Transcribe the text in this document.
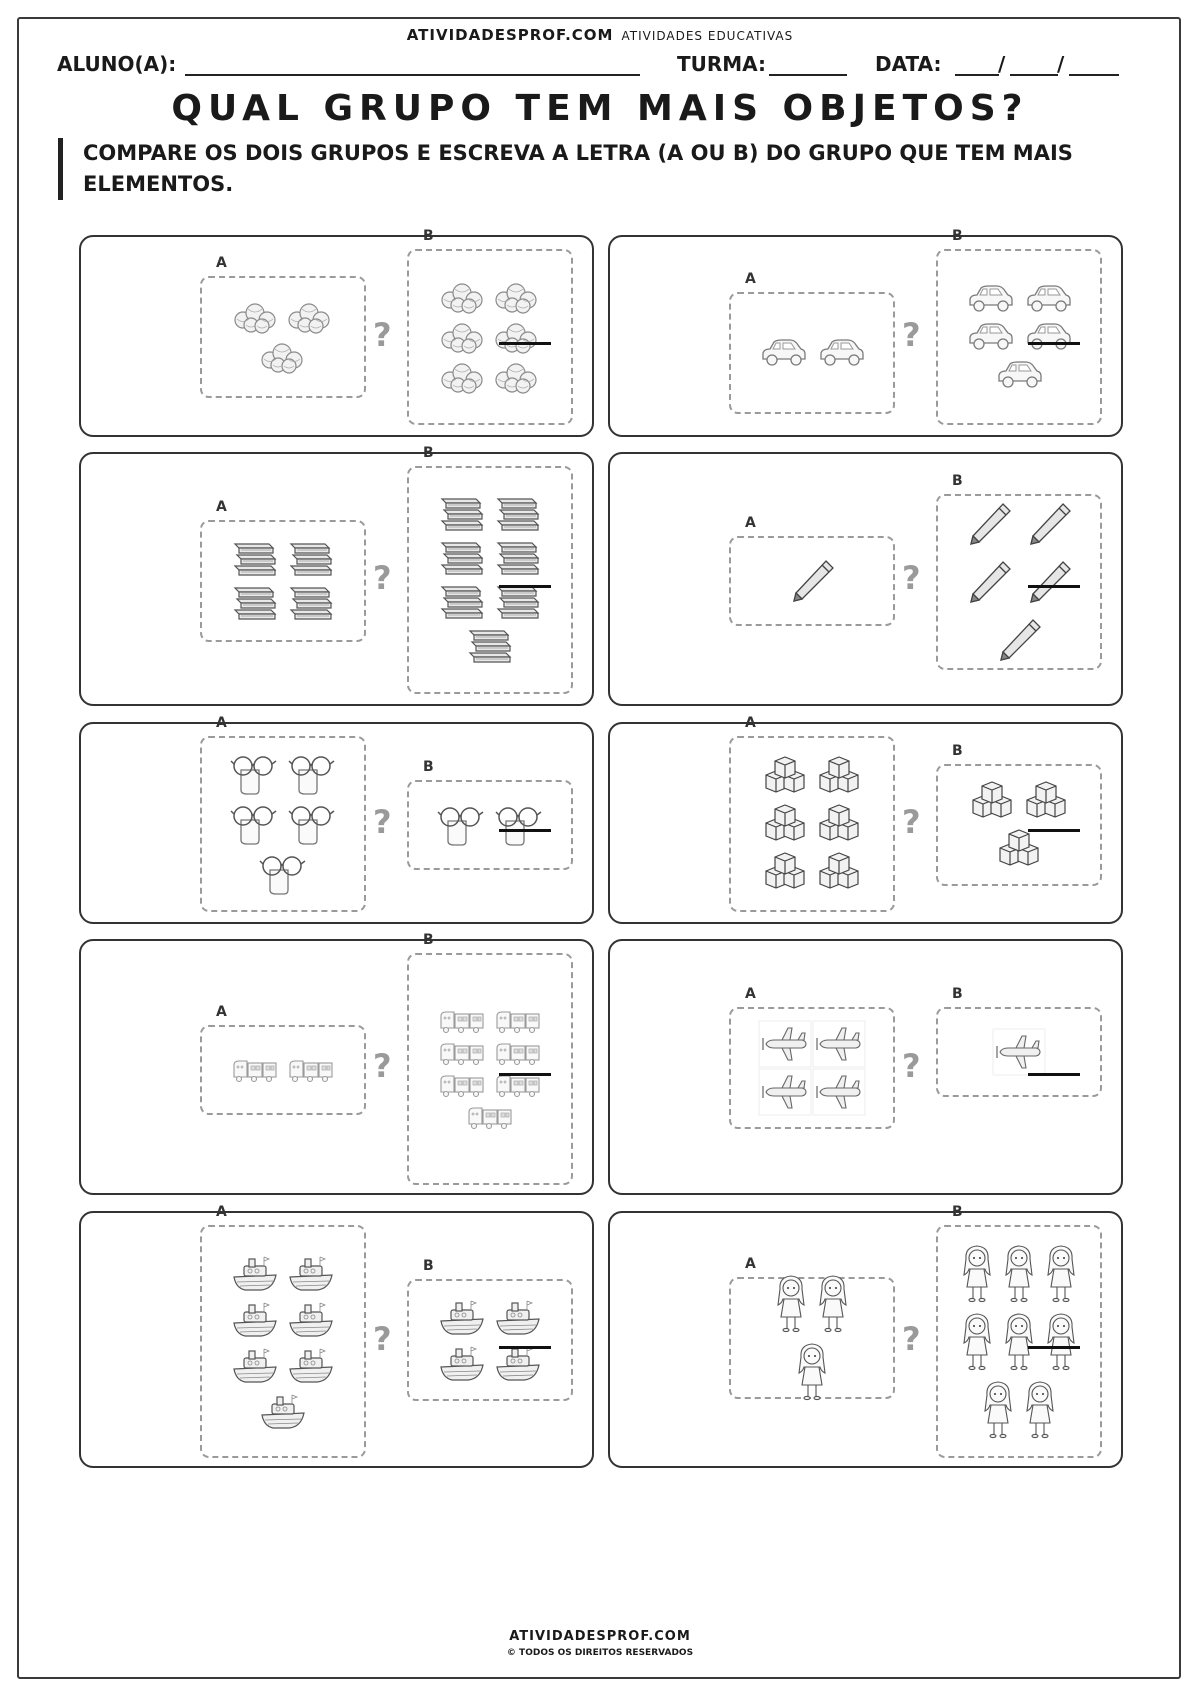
ATIVIDADESPROF.COM ATIVIDADES EDUCATIVAS
ALUNO(A):	TURMA:	DATA:	/	/
QUAL GRUPO TEM MAIS OBJETOS?
COMPARE OS DOIS GRUPOS E ESCREVA A LETRA (A OU B) DO GRUPO QUE TEM MAIS ELEMENTOS.
A
B
?
A
B
?
A
B
?
A
B
?
A
B
?
A
B
?
A
B
?
A	B
?
A
B
?
A
B
?
ATIVIDADESPROF.COM
© TODOS OS DIREITOS RESERVADOS
